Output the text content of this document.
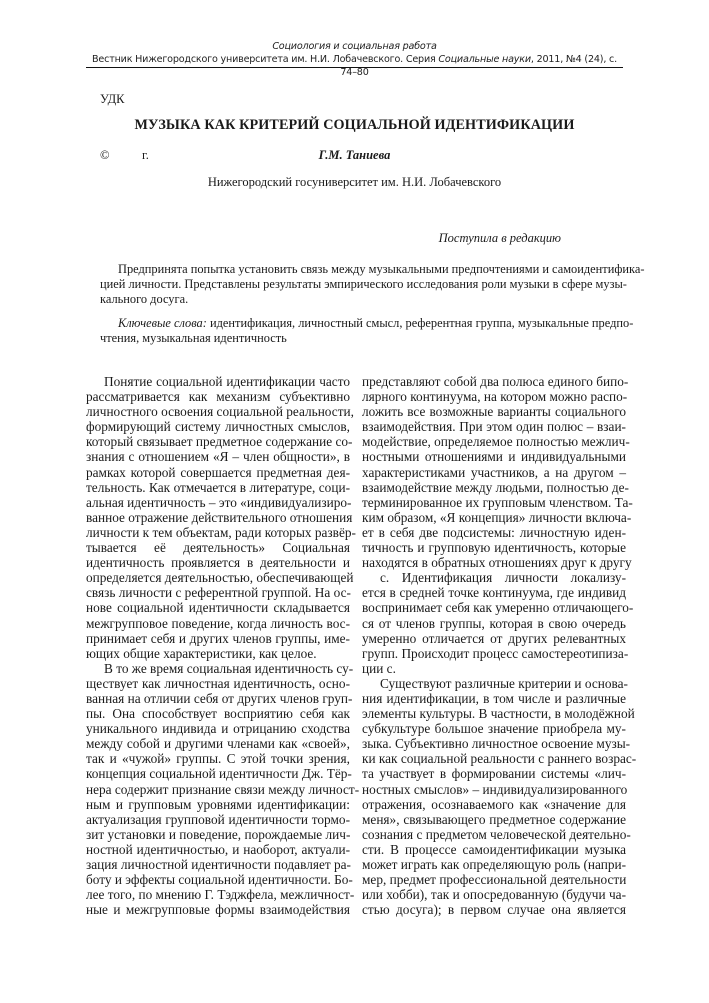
Социология и социальная работа
Вестник Нижегородского университета им. Н.И. Лобачевского. Серия Социальные науки, 2011, №4 (24), с. 74–80
УДК
МУЗЫКА КАК КРИТЕРИЙ СОЦИАЛЬНОЙ ИДЕНТИФИКАЦИИ
©	г.	Г.М. Таниева
Нижегородский госуниверситет им. Н.И. Лобачевского
Поступила в редакцию
Предпринята попытка установить связь между музыкальными предпочтениями и самоидентифика-
цией личности. Представлены результаты эмпирического исследования роли музыки в сфере музы-
кального досуга.
Ключевые слова: идентификация, личностный смысл, референтная группа, музыкальные предпо-
чтения, музыкальная идентичность
Понятие социальной идентификации часто
рассматривается как механизм субъективно
личностного освоения социальной реальности,
формирующий систему личностных смыслов,
который связывает предметное содержание со-
знания с отношением «Я – член общности», в
рамках которой совершается предметная дея-
тельность. Как отмечается в литературе, соци-
альная идентичность – это «индивидуализиро-
ванное отражение действительного отношения
личности к тем объектам, ради которых развёр-
тывается её деятельность» Социальная
идентичность проявляется в деятельности и
определяется деятельностью, обеспечивающей
связь личности с референтной группой. На ос-
нове социальной идентичности складывается
межгрупповое поведение, когда личность вос-
принимает себя и других членов группы, име-
ющих общие характеристики, как целое.
В то же время социальная идентичность су-
ществует как личностная идентичность, осно-
ванная на отличии себя от других членов груп-
пы. Она способствует восприятию себя как
уникального индивида и отрицанию сходства
между собой и другими членами как «своей»,
так и «чужой» группы. С этой точки зрения,
концепция социальной идентичности Дж. Тёр-
нера содержит признание связи между личност-
ным и групповым уровнями идентификации:
актуализация групповой идентичности тормо-
зит установки и поведение, порождаемые лич-
ностной идентичностью, и наоборот, актуали-
зация личностной идентичности подавляет ра-
боту и эффекты социальной идентичности. Бо-
лее того, по мнению Г. Тэджфела, межличност-
ные и межгрупповые формы взаимодействия
представляют собой два полюса единого бипо-
лярного континуума, на котором можно распо-
ложить все возможные варианты социального
взаимодействия. При этом один полюс – взаи-
модействие, определяемое полностью межлич-
ностными отношениями и индивидуальными
характеристиками участников, а на другом –
взаимодействие между людьми, полностью де-
терминированное их групповым членством. Та-
ким образом, «Я концепция» личности включа-
ет в себя две подсистемы: личностную иден-
тичность и групповую идентичность, которые
находятся в обратных отношениях друг к другу
с. Идентификация личности локализу-
ется в средней точке континуума, где индивид
воспринимает себя как умеренно отличающего-
ся от членов группы, которая в свою очередь
умеренно отличается от других релевантных
групп. Происходит процесс самостереотипиза-
ции с.
Существуют различные критерии и основа-
ния идентификации, в том числе и различные
элементы культуры. В частности, в молодёжной
субкультуре большое значение приобрела му-
зыка. Субъективно личностное освоение музы-
ки как социальной реальности с раннего возрас-
та участвует в формировании системы «лич-
ностных смыслов» – индивидуализированного
отражения, осознаваемого как «значение для
меня», связывающего предметное содержание
сознания с предметом человеческой деятельно-
сти. В процессе самоидентификации музыка
может играть как определяющую роль (напри-
мер, предмет профессиональной деятельности
или хобби), так и опосредованную (будучи ча-
стью досуга); в первом случае она является
